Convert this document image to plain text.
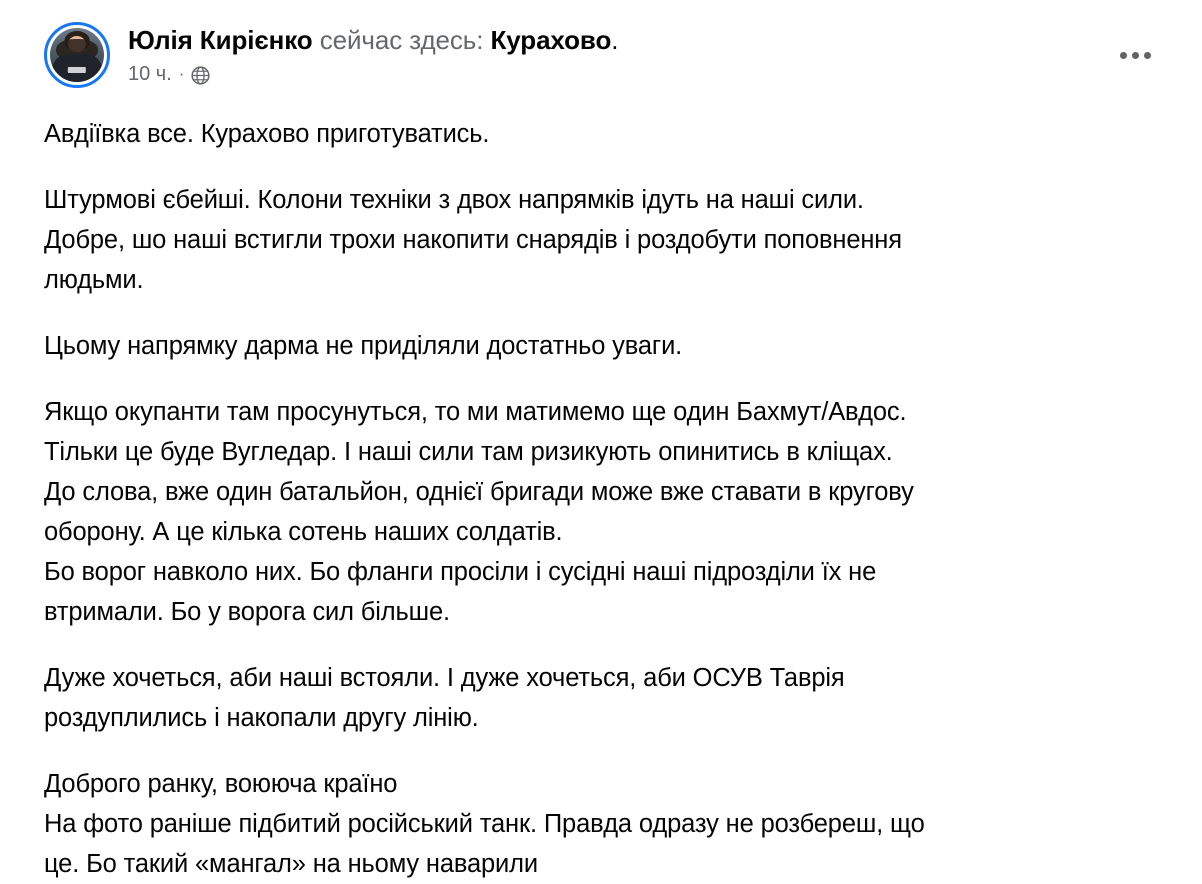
Юлія Кирієнко сейчас здесь: Курахово.
10 ч. ·

Авдіївка все. Курахово приготуватись.

Штурмові єбейші. Колони техніки з двох напрямків ідуть на наші сили.
Добре, шо наші встигли трохи накопити снарядів і роздобути поповнення
людьми.

Цьому напрямку дарма не приділяли достатньо уваги.

Якщо окупанти там просунуться, то ми матимемо ще один Бахмут/Авдос.
Тільки це буде Вугледар. І наші сили там ризикують опинитись в кліщах.
До слова, вже один батальйон, однієї бригади може вже ставати в кругову
оборону. А це кілька сотень наших солдатів.
Бо ворог навколо них. Бо фланги просіли і сусідні наші підрозділи їх не
втримали. Бо у ворога сил більше.

Дуже хочеться, аби наші встояли. І дуже хочеться, аби ОСУВ Таврія
роздуплились і накопали другу лінію.

Доброго ранку, воююча країно
На фото раніше підбитий російський танк. Правда одразу не розбереш, що
це. Бо такий «мангал» на ньому наварили
